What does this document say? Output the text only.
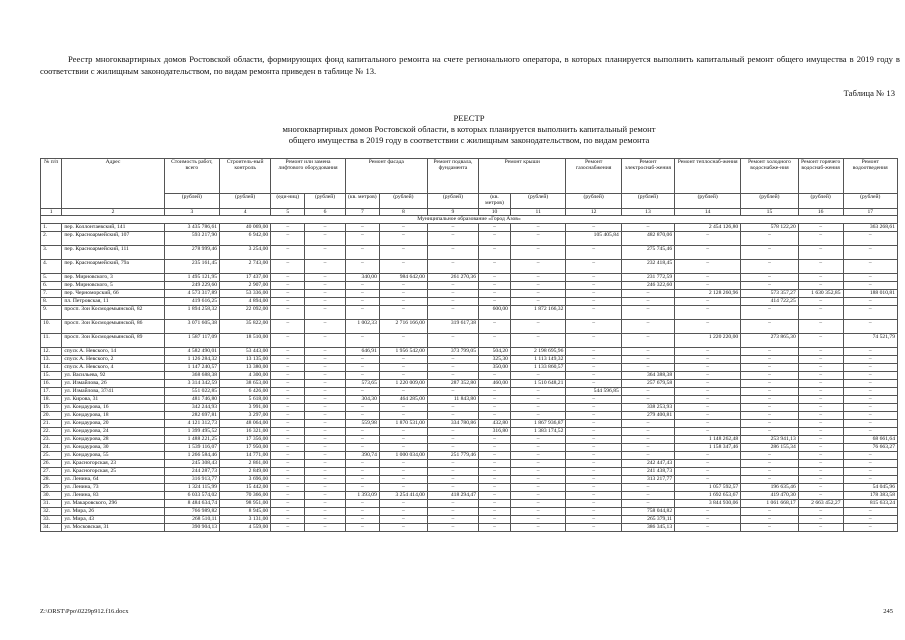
Реестр многоквартирных домов Ростовской области, формирующих фонд капитального ремонта на счете регионального оператора, в которых планируется выполнить капитальный ремонт общего имущества в 2019 году в соответствии с жилищным законодательством, по видам ремонта приведен в таблице № 13.
Таблица № 13
РЕЕСТР
многоквартирных домов Ростовской области, в которых планируется выполнить капитальный ремонт
общего имущества в 2019 году в соответствии с жилищным законодательством, по видам ремонта
№ п/п	Адрес	Стоимость работ, всего	Строитель-ный контроль	Ремонт или замена лифтового оборудования		Ремонт фасада		Ремонт подвала, фундамента	Ремонт крыши		Ремонт газоснабжения	Ремонт электроснаб-жения	Ремонт теплоснаб-жения	Ремонт холодного водоснабже-ния	Ремонт горячего водоснаб-жения	Ремонт водоотведения
		(рублей)	(рублей)	(еди-ниц)	(рублей)	(кв. метров)	(рублей)	(рублей)	(кв. метров)	(рублей)	(рублей)	(рублей)	(рублей)	(рублей)	(рублей)	(рублей)
1	2	3	4	5	6	7	8	9	10	11	12	13	14	15	16	17
Муниципальное образование «Город Азов»																
1.	пер. Коллонтаевский, 141	3 435 786,61	40 069,00	–	–	–	–	–	–	–	–	–	2 454 126,80	578 122,20	–	363 268,61
2.	пер. Красноармейский, 107	593 217,90	6 942,00	–	–	–	–	–	–	–	105 405,84	482 870,06	–	–	–	–
3.	пер. Красноармейский, 111	278 999,46	3 254,00	–	–	–	–	–	–	–	–	275 745,46	–	–	–	–
4.	пер. Красноармейский, 79а	235 161,45	2 743,00	–	–	–	–	–	–	–	–	232 418,45	–	–	–	–
5.	пер. Мирновского, 3	1 495 121,95	17 437,00	–	–	340,00	984 642,00	261 270,36	–	–	–	231 772,59	–	–	–	–
6.	пер. Мирновского, 5	249 229,60	2 907,00	–	–	–	–	–	–	–	–	246 322,60	–	–	–	–
7.	пер. Черноморский, 66	4 573 317,89	53 336,00	–	–	–	–	–	–	–	–	–	2 128 260,96	573 357,27	1 630 352,85	188 010,81
8.	пл. Петровская, 11	419 616,25	4 894,00	–	–	–	–	–	–	–	–	–	–	414 722,25	–	–
9.	просп. Зои Космодемьянской, 82	1 894 258,32	22 092,00	–	–	–	–	–	600,00	1 872 166,32	–	–	–	–	–	–
10.	просп. Зои Космодемьянской, 86	3 071 605,38	35 822,00	–	–	1 002,33	2 716 166,00	319 617,38	–	–	–	–	–	–	–	–
11.	просп. Зои Космодемьянской, 89	1 587 117,09	18 510,00	–	–	–	–	–	–	–	–	–	1 220 220,00	273 865,30	–	74 521,79
12.	спуск А. Невского, 14	4 582 490,01	53 443,00	–	–	646,91	1 956 542,00	373 799,05	504,20	2 198 695,96	–	–	–	–	–	–
13.	спуск А. Невского, 2	1 126 284,32	13 135,00	–	–	–	–	–	325,30	1 113 149,32	–	–	–	–	–	–
14.	спуск А. Невского, 4	1 147 240,57	13 380,00	–	–	–	–	–	350,00	1 133 860,57	–	–	–	–	–	–
15.	ул. Васильева, 92	368 688,38	4 300,00	–	–	–	–	–	–	–	–	364 388,38	–	–	–	–
16.	ул. Измайлова, 26	3 314 342,59	38 653,00	–	–	573,65	1 220 009,00	287 352,80	460,00	1 510 648,21	–	257 679,58	–	–	–	–
17.	ул. Измайлова, 37/41	551 022,85	6 426,00	–	–	–	–	–	–	–	544 596,85	–	–	–	–	–
18.	ул. Кирова, 31	481 746,80	5 618,00	–	–	304,30	464 285,00	11 843,80	–	–	–	–	–	–	–	–
19.	ул. Кондаурова, 16	342 244,93	3 991,00	–	–	–	–	–	–	–	–	338 253,93	–	–	–	–
20.	ул. Кондаурова, 18	282 697,81	3 297,00	–	–	–	–	–	–	–	–	279 400,81	–	–	–	–
21.	ул. Кондаурова, 20	4 121 312,73	48 064,00	–	–	559,98	1 870 531,00	334 780,86	432,80	1 867 936,87	–	–	–	–	–	–
22.	ул. Кондаурова, 24	1 399 495,52	16 321,00	–	–	–	–	–	316,80	1 383 174,52	–	–	–	–	–	–
23.	ул. Кондаурова, 28	1 488 221,25	17 356,00	–	–	–	–	–	–	–	–	–	1 148 262,48	253 941,13	–	68 661,64
24.	ул. Кондаурова, 30	1 539 116,07	17 950,00	–	–	–	–	–	–	–	–	–	1 158 347,46	286 155,34	–	76 663,27
25.	ул. Кондаурова, 55	1 266 584,46	14 771,00	–	–	390,74	1 000 034,00	251 779,46	–	–	–	–	–	–	–	–
26.	ул. Красногорская, 23	245 308,43	2 861,00	–	–	–	–	–	–	–	–	242 447,43	–	–	–	–
27.	ул. Красногорская, 25	244 287,73	2 849,00	–	–	–	–	–	–	–	–	241 438,73	–	–	–	–
28.	ул. Ленина, 64	316 913,77	3 696,00	–	–	–	–	–	–	–	–	313 217,77	–	–	–	–
29.	ул. Ленина, 73	1 324 115,99	15 442,00	–	–	–	–	–	–	–	–	–	1 057 592,57	196 635,46	–	54 045,96
30.	ул. Ленина, 83	6 033 574,02	70 366,00	–	–	1 393,09	3 254 414,00	418 294,47	–	–	–	–	1 692 653,67	419 470,30	–	178 383,58
31.	ул. Макаровского, 296	8 484 634,74	98 951,00	–	–	–	–	–	–	–	–	–	3 844 930,06	1 061 668,17	2 663 452,27	815 633,24
32.	ул. Мира, 26	766 989,82	8 945,00	–	–	–	–	–	–	–	–	758 044,82	–	–	–	–
33.	ул. Мира, 43	268 510,11	3 131,00	–	–	–	–	–	–	–	–	265 379,11	–	–	–	–
34.	ул. Московская, 31	390 904,13	4 559,00	–	–	–	–	–	–	–	–	386 345,13	–	–	–	–
Z:\ORST\Ppo\0229p912.f16.docx	245
